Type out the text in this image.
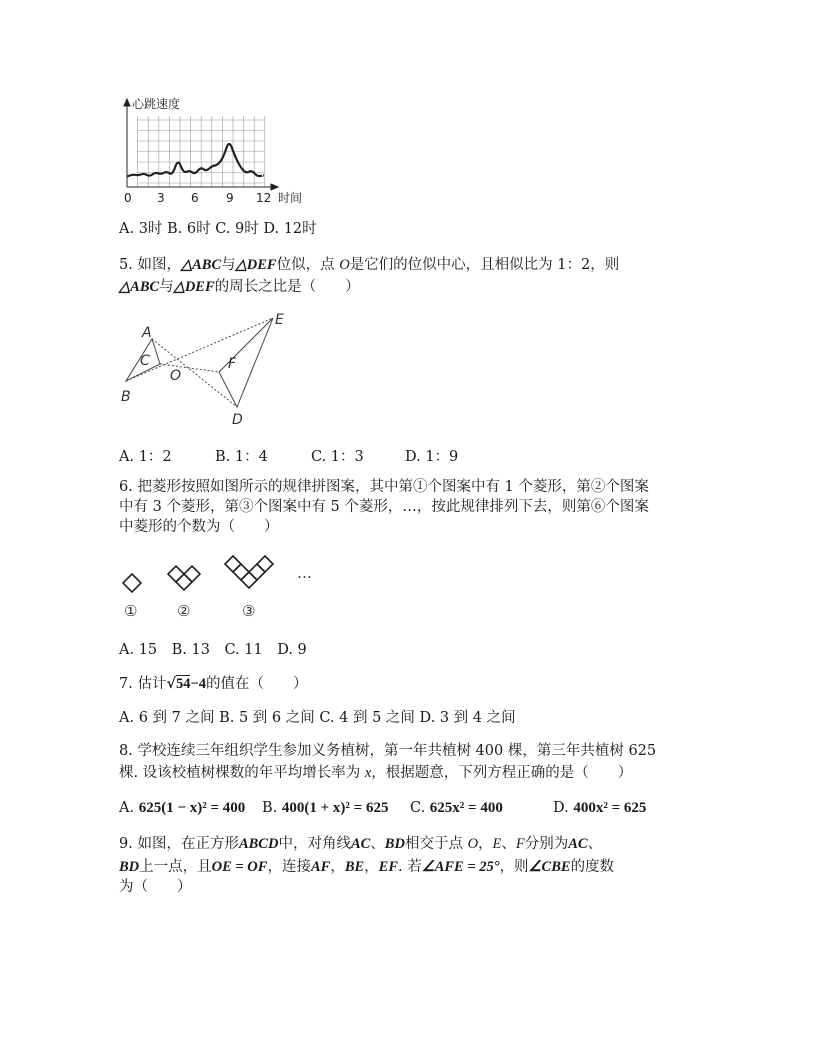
心跳速度
时间
0 3 6 9 12
A. 3时 B. 6时 C. 9时 D. 12时
5. 如图，△ABC与△DEF位似，点 O是它们的位似中心，且相似比为 1：2，则
△ABC与△DEF的周长之比是（　　）
A
B
C
O
F
E
D
A. 1：2	B. 1：4	C. 1：3	D. 1：9
6. 把菱形按照如图所示的规律拼图案，其中第①个图案中有 1 个菱形，第②个图案
中有 3 个菱形，第③个图案中有 5 个菱形，…，按此规律排列下去，则第⑥个图案
中菱形的个数为（　　）
①	②	③
…
A. 15　B. 13　C. 11　D. 9
7. 估计√54−4的值在（　　）
A. 6 到 7 之间 B. 5 到 6 之间 C. 4 到 5 之间 D. 3 到 4 之间
8. 学校连续三年组织学生参加义务植树，第一年共植树 400 棵，第三年共植树 625
棵. 设该校植树棵数的年平均增长率为 x，根据题意，下列方程正确的是（　　）
A. 625(1 − x)² = 400 B. 400(1 + x)² = 625 C. 625x² = 400	D. 400x² = 625
9. 如图，在正方形ABCD中，对角线AC、BD相交于点 O，E、F分别为AC、
BD上一点，且OE = OF，连接AF，BE，EF. 若∠AFE = 25°，则∠CBE的度数
为（　　）
